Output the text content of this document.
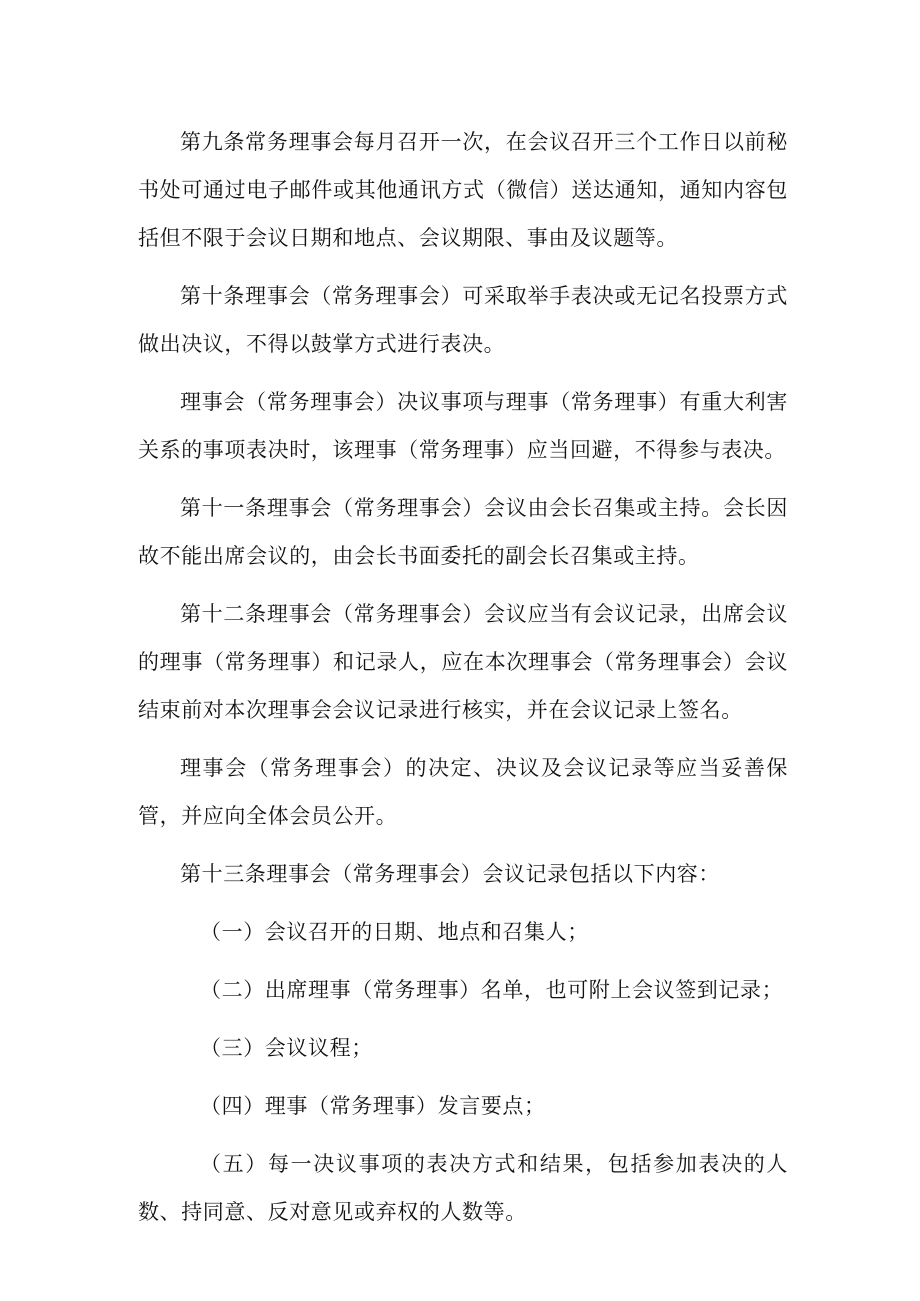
第九条常务理事会每月召开一次，在会议召开三个工作日以前秘书处可通过电子邮件或其他通讯方式（微信）送达通知，通知内容包括但不限于会议日期和地点、会议期限、事由及议题等。

第十条理事会（常务理事会）可采取举手表决或无记名投票方式做出决议，不得以鼓掌方式进行表决。

理事会（常务理事会）决议事项与理事（常务理事）有重大利害关系的事项表决时，该理事（常务理事）应当回避，不得参与表决。

第十一条理事会（常务理事会）会议由会长召集或主持。会长因故不能出席会议的，由会长书面委托的副会长召集或主持。

第十二条理事会（常务理事会）会议应当有会议记录，出席会议的理事（常务理事）和记录人，应在本次理事会（常务理事会）会议结束前对本次理事会会议记录进行核实，并在会议记录上签名。

理事会（常务理事会）的决定、决议及会议记录等应当妥善保管，并应向全体会员公开。

第十三条理事会（常务理事会）会议记录包括以下内容：

（一）会议召开的日期、地点和召集人；

（二）出席理事（常务理事）名单，也可附上会议签到记录；

（三）会议议程；

（四）理事（常务理事）发言要点；

（五）每一决议事项的表决方式和结果，包括参加表决的人数、持同意、反对意见或弃权的人数等。
